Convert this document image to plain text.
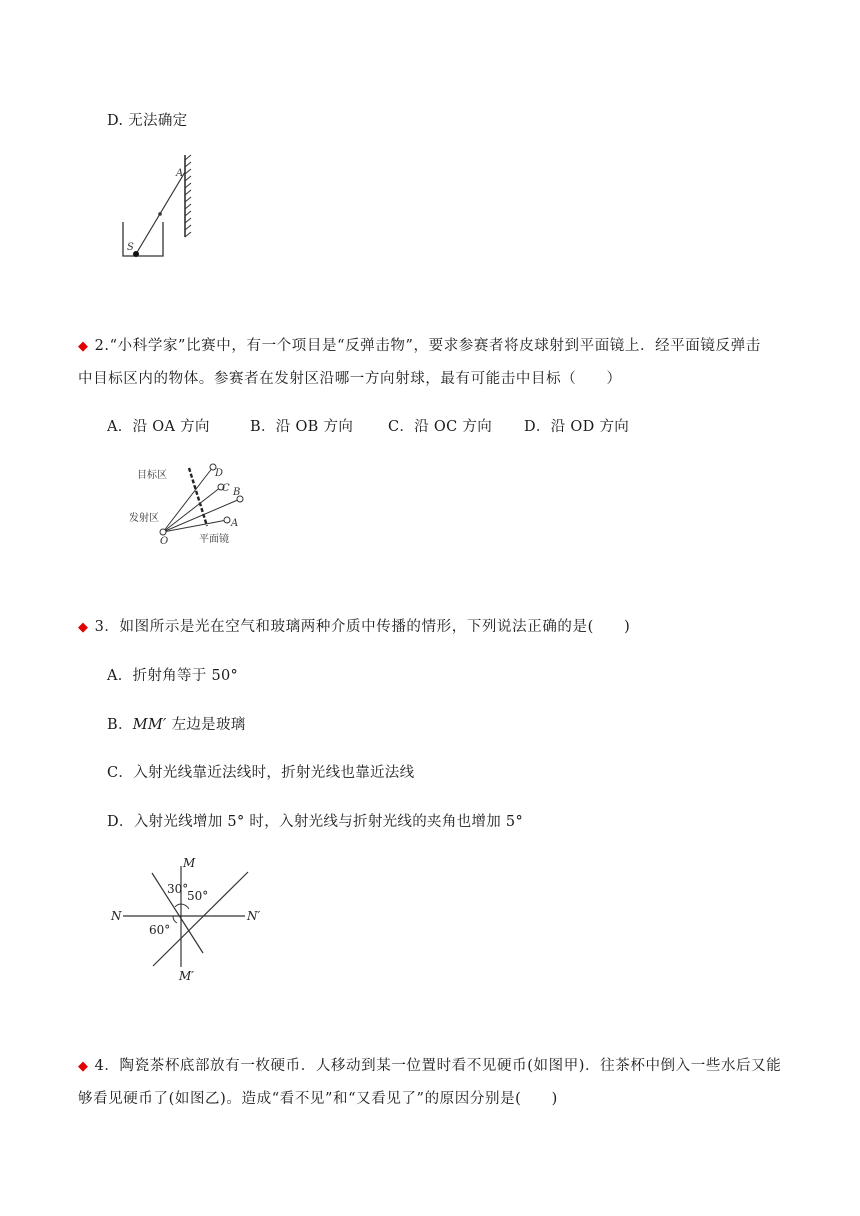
D. 无法确定
S
A
◆ 2.“小科学家”比赛中，有一个项目是“反弹击物”，要求参赛者将皮球射到平面镜上．经平面镜反弹击
中目标区内的物体。参赛者在发射区沿哪一方向射球，最有可能击中目标（　　）
A．沿 OA 方向	B．沿 OB 方向 C．沿 OC 方向 D．沿 OD 方向
D
C B
A
O
目标区
发射区
平面镜
◆ 3．如图所示是光在空气和玻璃两种介质中传播的情形，下列说法正确的是(　　)
A．折射角等于 50°
B．MM′ 左边是玻璃
C．入射光线靠近法线时，折射光线也靠近法线
D．入射光线增加 5° 时，入射光线与折射光线的夹角也增加 5°
M
M′
N	N′
30°
50°
60°
◆ 4．陶瓷茶杯底部放有一枚硬币．人移动到某一位置时看不见硬币(如图甲)．往茶杯中倒入一些水后又能
够看见硬币了(如图乙)。造成“看不见”和“又看见了”的原因分别是(　　)
